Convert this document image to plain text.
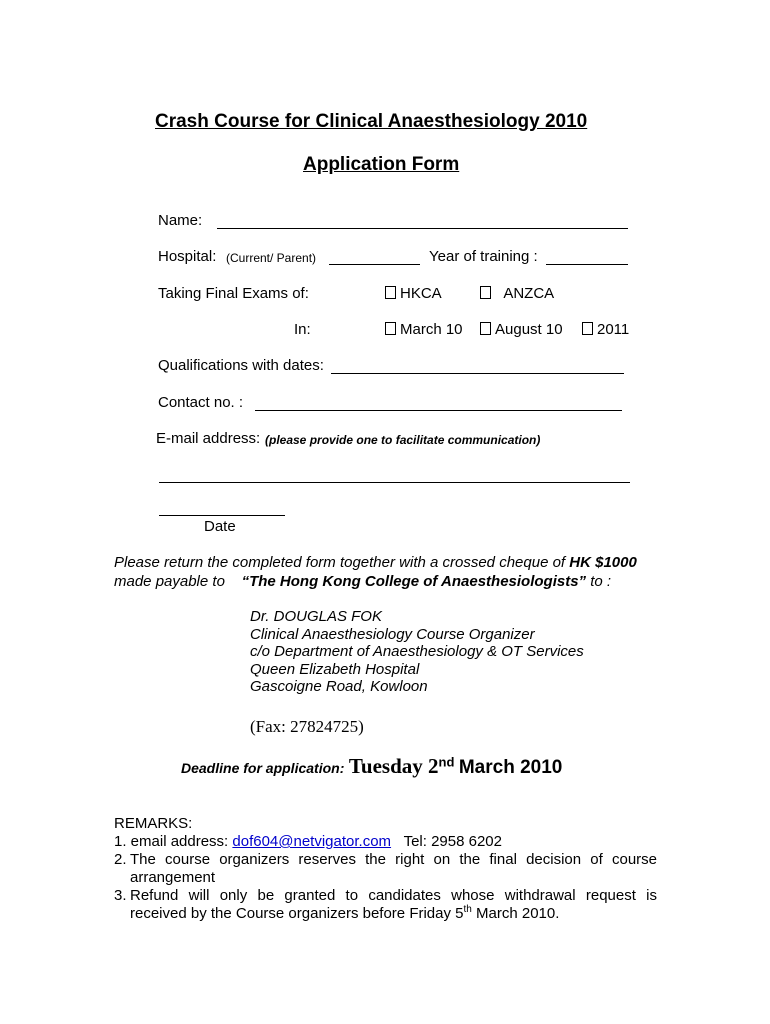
Crash Course for Clinical Anaesthesiology 2010
Application Form
Name:
Hospital: (Current/ Parent)	Year of training :
Taking Final Exams of:	HKCA	ANZCA
In:	March 10	August 10	2011
Qualifications with dates:
Contact no. :
E-mail address: (please provide one to facilitate communication)
Date
Please return the completed form together with a crossed cheque of HK $1000
made payable to “The Hong Kong College of Anaesthesiologists” to :
Dr. DOUGLAS FOK
Clinical Anaesthesiology Course Organizer
c/o Department of Anaesthesiology & OT Services
Queen Elizabeth Hospital
Gascoigne Road, Kowloon
(Fax: 27824725)
Deadline for application: Tuesday 2nd March 2010
REMARKS:
1. email address: dof604@netvigator.com Tel: 2958 6202
2. The course organizers reserves the right on the final decision of course
arrangement
3. Refund will only be granted to candidates whose withdrawal request is
received by the Course organizers before Friday 5th March 2010.
